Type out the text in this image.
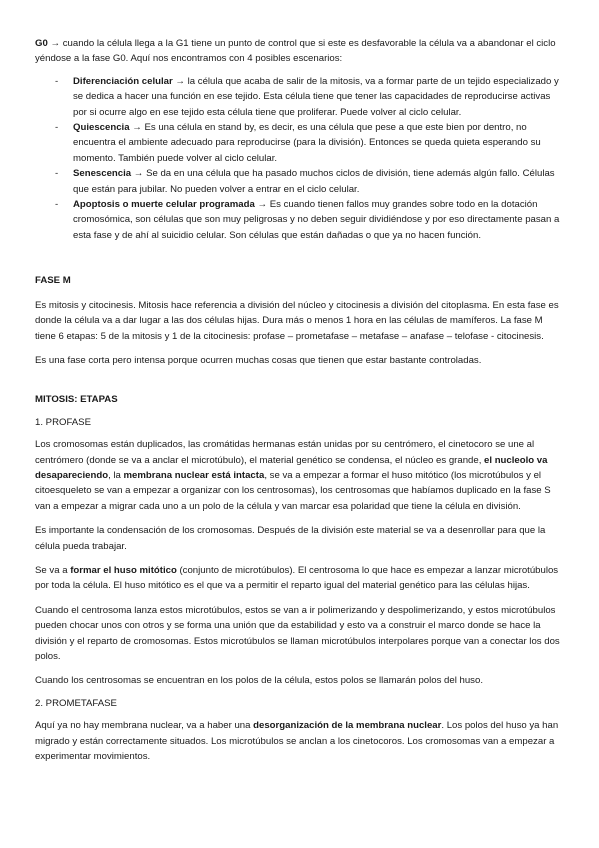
G0 → cuando la célula llega a la G1 tiene un punto de control que si este es desfavorable la célula va a abandonar el ciclo yéndose a la fase G0. Aquí nos encontramos con 4 posibles escenarios:

- Diferenciación celular → la célula que acaba de salir de la mitosis, va a formar parte de un tejido especializado y se dedica a hacer una función en ese tejido. Esta célula tiene que tener las capacidades de reproducirse activas por si ocurre algo en ese tejido esta célula tiene que proliferar. Puede volver al ciclo celular.
- Quiescencia → Es una célula en stand by, es decir, es una célula que pese a que este bien por dentro, no encuentra el ambiente adecuado para reproducirse (para la división). Entonces se queda quieta esperando su momento. También puede volver al ciclo celular.
- Senescencia → Se da en una célula que ha pasado muchos ciclos de división, tiene además algún fallo. Células que están para jubilar. No pueden volver a entrar en el ciclo celular.
- Apoptosis o muerte celular programada → Es cuando tienen fallos muy grandes sobre todo en la dotación cromosómica, son células que son muy peligrosas y no deben seguir dividiéndose y por eso directamente pasan a esta fase y de ahí al suicidio celular. Son células que están dañadas o que ya no hacen función.

FASE M

Es mitosis y citocinesis. Mitosis hace referencia a división del núcleo y citocinesis a división del citoplasma. En esta fase es donde la célula va a dar lugar a las dos células hijas. Dura más o menos 1 hora en las células de mamíferos. La fase M tiene 6 etapas: 5 de la mitosis y 1 de la citocinesis: profase – prometafase – metafase – anafase – telofase - citocinesis.

Es una fase corta pero intensa porque ocurren muchas cosas que tienen que estar bastante controladas.

MITOSIS: ETAPAS

1. PROFASE

Los cromosomas están duplicados, las cromátidas hermanas están unidas por su centrómero, el cinetocoro se une al centrómero (donde se va a anclar el microtúbulo), el material genético se condensa, el núcleo es grande, el nucleolo va desapareciendo, la membrana nuclear está intacta, se va a empezar a formar el huso mitótico (los microtúbulos y el citoesqueleto se van a empezar a organizar con los centrosomas), los centrosomas que habíamos duplicado en la fase S van a empezar a migrar cada uno a un polo de la célula y van marcar esa polaridad que tiene la célula en división.

Es importante la condensación de los cromosomas. Después de la división este material se va a desenrollar para que la célula pueda trabajar.

Se va a formar el huso mitótico (conjunto de microtúbulos). El centrosoma lo que hace es empezar a lanzar microtúbulos por toda la célula. El huso mitótico es el que va a permitir el reparto igual del material genético para las células hijas.

Cuando el centrosoma lanza estos microtúbulos, estos se van a ir polimerizando y despolimerizando, y estos microtúbulos pueden chocar unos con otros y se forma una unión que da estabilidad y esto va a construir el marco donde se hace la división y el reparto de cromosomas. Estos microtúbulos se llaman microtúbulos interpolares porque van a conectar los dos polos.

Cuando los centrosomas se encuentran en los polos de la célula, estos polos se llamarán polos del huso.

2. PROMETAFASE

Aquí ya no hay membrana nuclear, va a haber una desorganización de la membrana nuclear. Los polos del huso ya han migrado y están correctamente situados. Los microtúbulos se anclan a los cinetocoros. Los cromosomas van a empezar a experimentar movimientos.
